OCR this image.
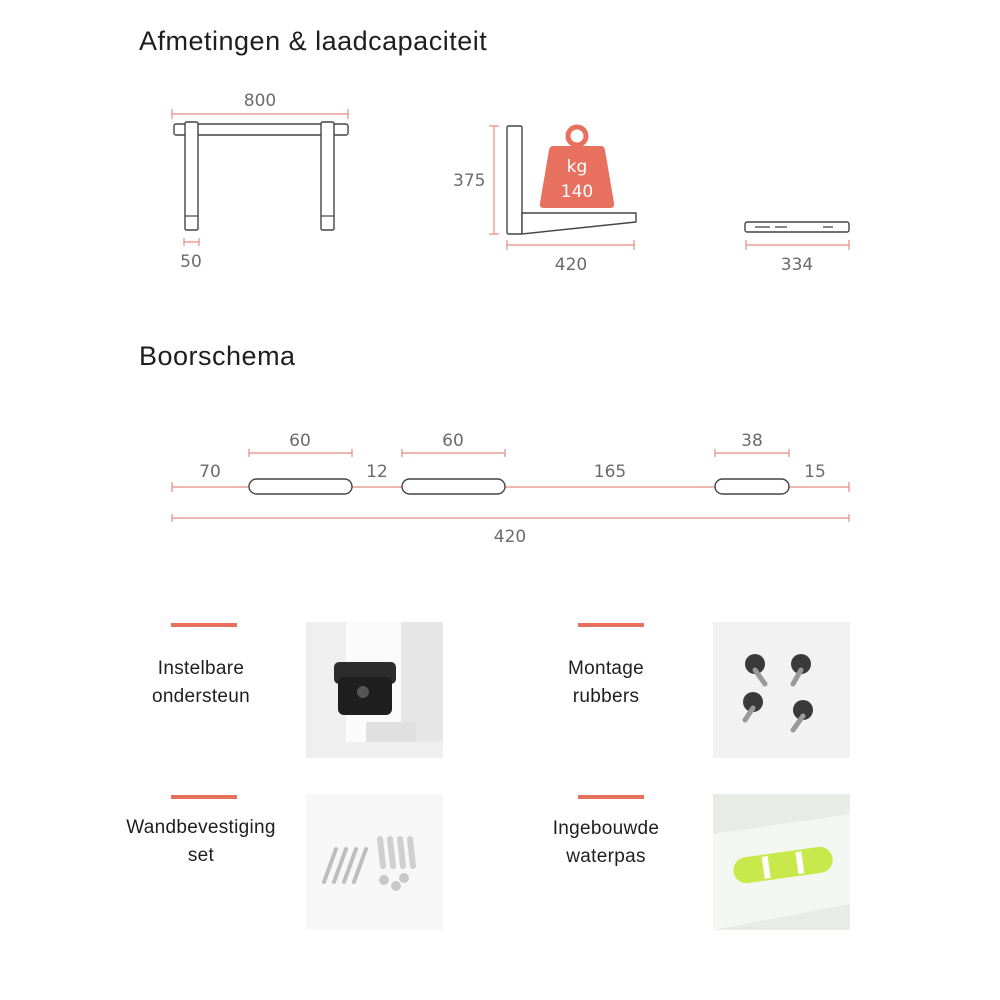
Afmetingen & laadcapaciteit
Boorschema
800
50
375
420
kg
140
334
60	60	38
70	12	165	15
420
Instelbare
ondersteun
Montage
rubbers
Wandbevestiging
set
Ingebouwde
waterpas
